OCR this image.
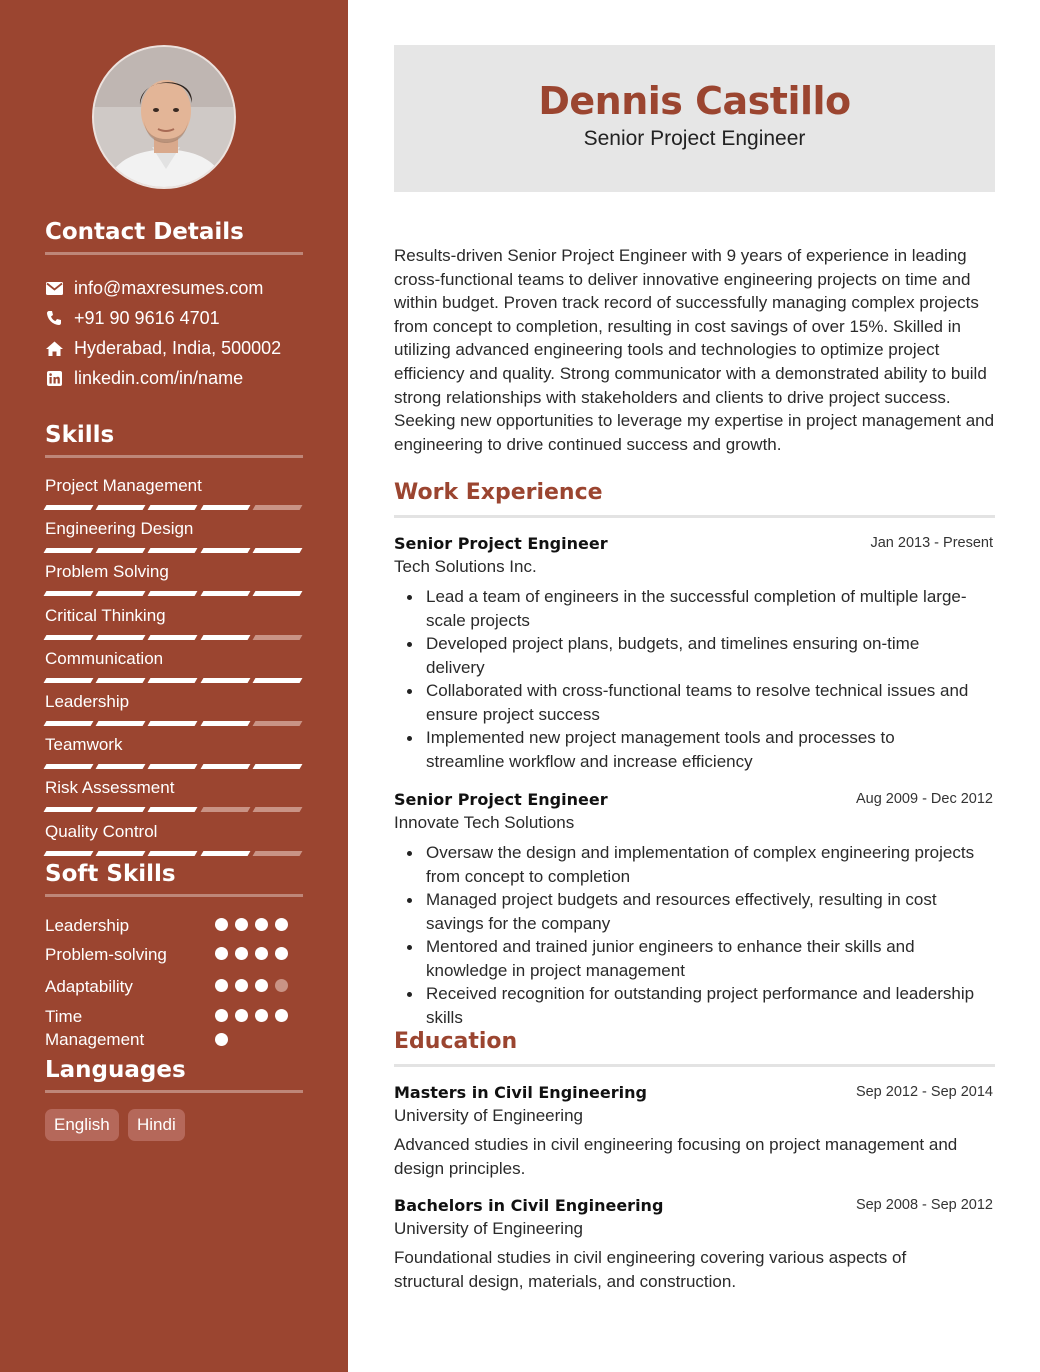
Contact Details
info@maxresumes.com
+91 90 9616 4701
Hyderabad, India, 500002
linkedin.com/in/name
Skills
Project Management
Engineering Design
Problem Solving
Critical Thinking
Communication
Leadership
Teamwork
Risk Assessment
Quality Control
Soft Skills
Leadership
Problem-solving
Adaptability
Time Management
Languages
English	Hindi
Dennis Castillo
Senior Project Engineer

Results-driven Senior Project Engineer with 9 years of experience in leading cross-functional teams to deliver innovative engineering projects on time and within budget. Proven track record of successfully managing complex projects from concept to completion, resulting in cost savings of over 15%. Skilled in utilizing advanced engineering tools and technologies to optimize project efficiency and quality. Strong communicator with a demonstrated ability to build strong relationships with stakeholders and clients to drive project success. Seeking new opportunities to leverage my expertise in project management and engineering to drive continued success and growth.

Work Experience
Senior Project Engineer	Jan 2013 - Present
Tech Solutions Inc.
Lead a team of engineers in the successful completion of multiple large-scale projects
Developed project plans, budgets, and timelines ensuring on-time delivery
Collaborated with cross-functional teams to resolve technical issues and ensure project success
Implemented new project management tools and processes to streamline workflow and increase efficiency
Senior Project Engineer	Aug 2009 - Dec 2012
Innovate Tech Solutions
Oversaw the design and implementation of complex engineering projects from concept to completion
Managed project budgets and resources effectively, resulting in cost savings for the company
Mentored and trained junior engineers to enhance their skills and knowledge in project management
Received recognition for outstanding project performance and leadership skills
Education
Masters in Civil Engineering	Sep 2012 - Sep 2014
University of Engineering

Advanced studies in civil engineering focusing on project management and design principles.

Bachelors in Civil Engineering	Sep 2008 - Sep 2012
University of Engineering

Foundational studies in civil engineering covering various aspects of structural design, materials, and construction.
